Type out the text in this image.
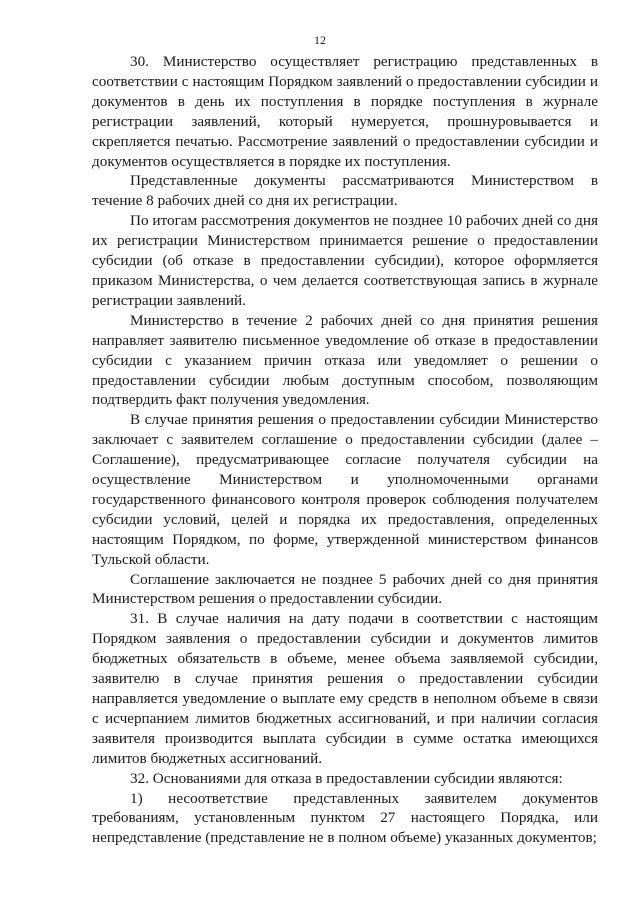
12

30. Министерство осуществляет регистрацию представленных в соответствии с настоящим Порядком заявлений о предоставлении субсидии и документов в день их поступления в порядке поступления в журнале регистрации заявлений, который нумеруется, прошнуровывается и скрепляется печатью. Рассмотрение заявлений о предоставлении субсидии и документов осуществляется в порядке их поступления.

Представленные документы рассматриваются Министерством в течение 8 рабочих дней со дня их регистрации.

По итогам рассмотрения документов не позднее 10 рабочих дней со дня их регистрации Министерством принимается решение о предоставлении субсидии (об отказе в предоставлении субсидии), которое оформляется приказом Министерства, о чем делается соответствующая запись в журнале регистрации заявлений.

Министерство в течение 2 рабочих дней со дня принятия решения направляет заявителю письменное уведомление об отказе в предоставлении субсидии с указанием причин отказа или уведомляет о решении о предоставлении субсидии любым доступным способом, позволяющим подтвердить факт получения уведомления.

В случае принятия решения о предоставлении субсидии Министерство заключает с заявителем соглашение о предоставлении субсидии (далее – Соглашение), предусматривающее согласие получателя субсидии на осуществление Министерством и уполномоченными органами государственного финансового контроля проверок соблюдения получателем субсидии условий, целей и порядка их предоставления, определенных настоящим Порядком, по форме, утвержденной министерством финансов Тульской области.

Соглашение заключается не позднее 5 рабочих дней со дня принятия Министерством решения о предоставлении субсидии.

31. В случае наличия на дату подачи в соответствии с настоящим Порядком заявления о предоставлении субсидии и документов лимитов бюджетных обязательств в объеме, менее объема заявляемой субсидии, заявителю в случае принятия решения о предоставлении субсидии направляется уведомление о выплате ему средств в неполном объеме в связи с исчерпанием лимитов бюджетных ассигнований, и при наличии согласия заявителя производится выплата субсидии в сумме остатка имеющихся лимитов бюджетных ассигнований.

32. Основаниями для отказа в предоставлении субсидии являются:

1) несоответствие представленных заявителем документов требованиям, установленным пунктом 27 настоящего Порядка, или непредставление (представление не в полном объеме) указанных документов;
